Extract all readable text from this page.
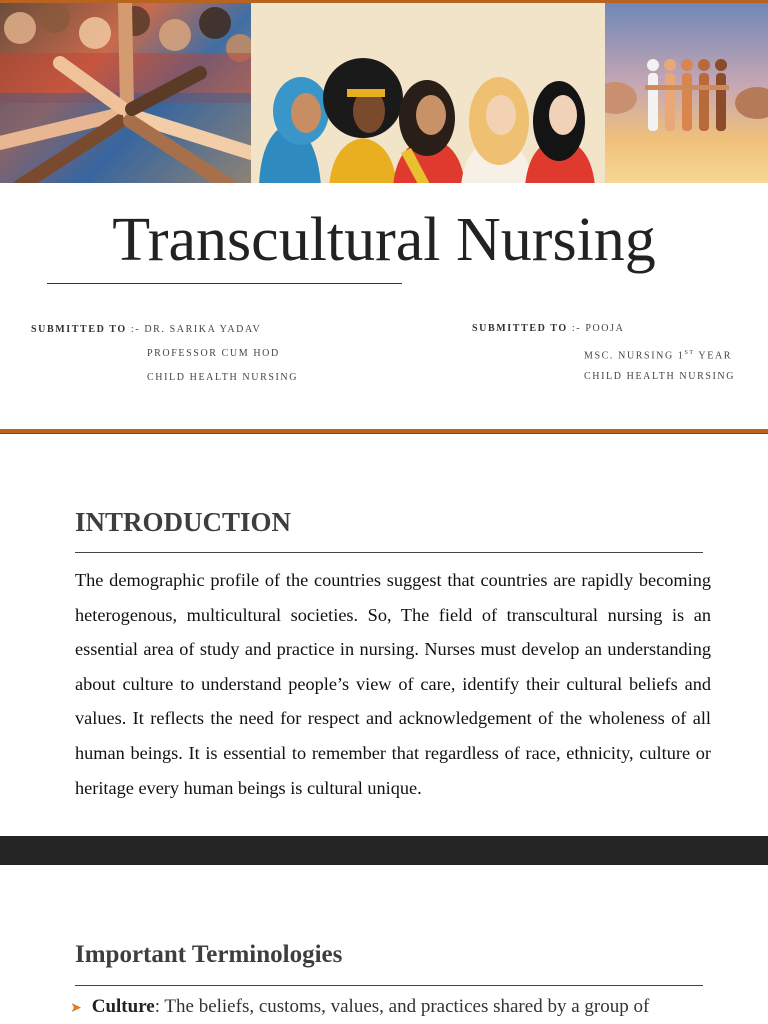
Transcultural Nursing
SUBMITTED TO :- DR. SARIKA YADAV
PROFESSOR CUM HOD
CHILD HEALTH NURSING
SUBMITTED TO :- POOJA
MSC. NURSING 1ST YEAR
CHILD HEALTH NURSING
INTRODUCTION
The demographic profile of the countries suggest that countries are rapidly becoming heterogenous, multicultural societies. So, The field of transcultural nursing is an essential area of study and practice in nursing. Nurses must develop an understanding about culture to understand people’s view of care, identify their cultural beliefs and values. It reflects the need for respect and acknowledgement of the wholeness of all human beings. It is essential to remember that regardless of race, ethnicity, culture or heritage every human beings is cultural unique.
Important Terminologies
➤ Culture: The beliefs, customs, values, and practices shared by a group of
